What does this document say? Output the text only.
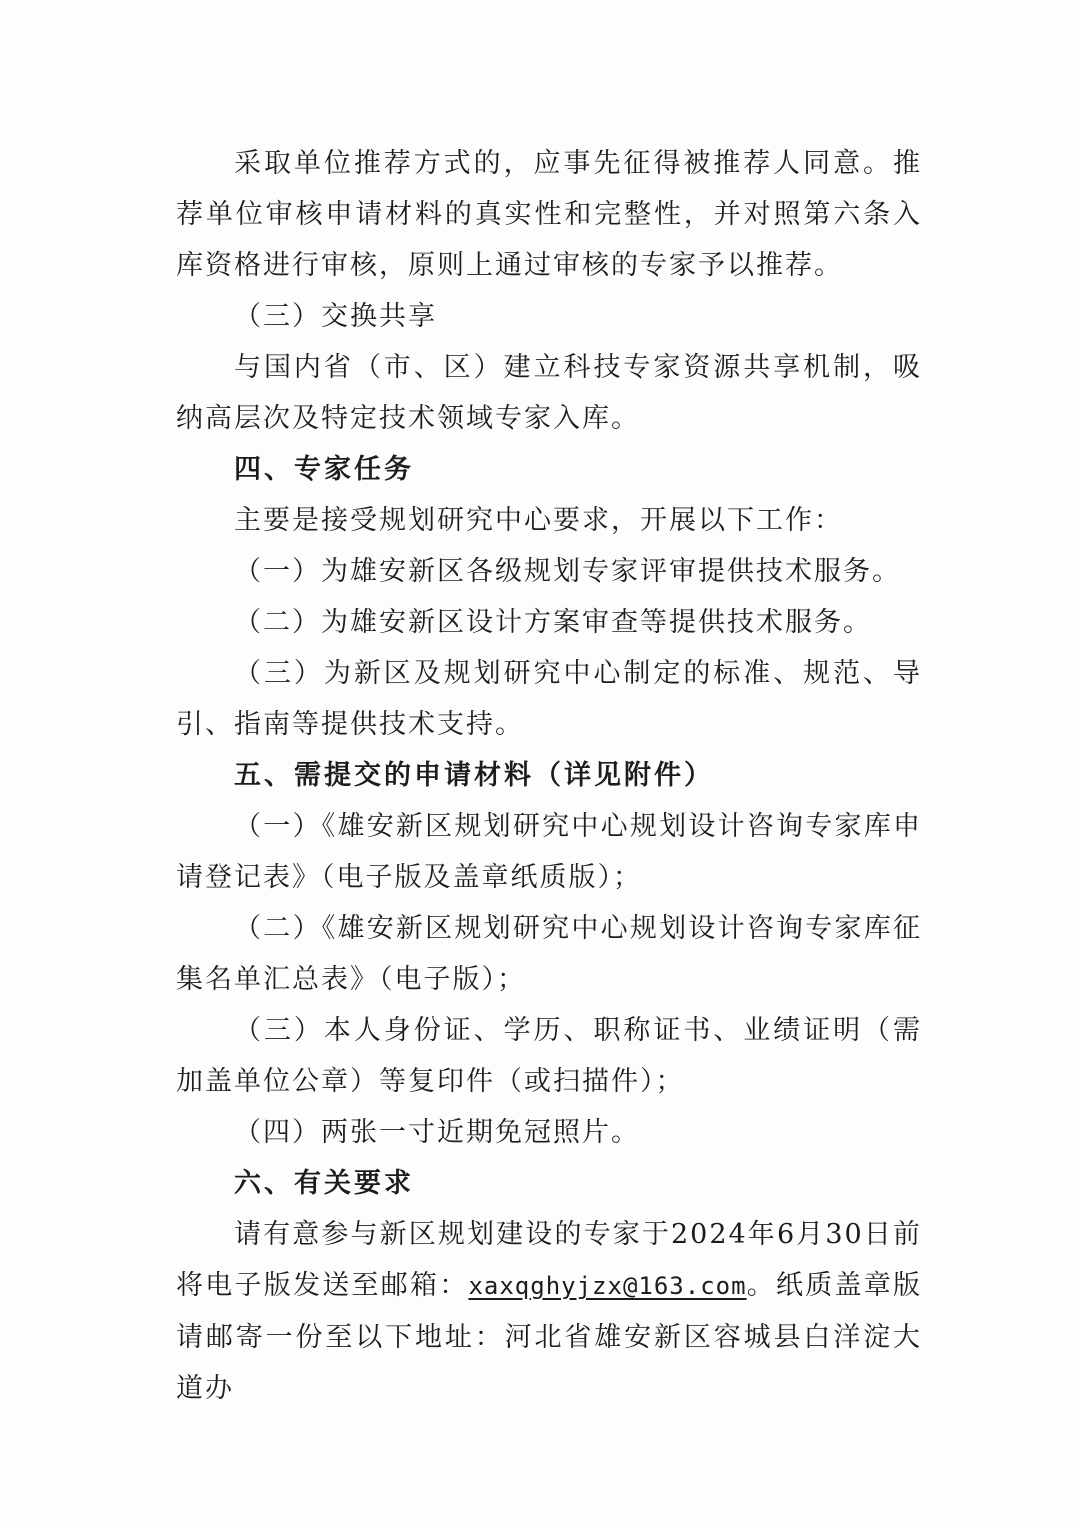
采取单位推荐方式的，应事先征得被推荐人同意。推荐单位审核申请材料的真实性和完整性，并对照第六条入库资格进行审核，原则上通过审核的专家予以推荐。

（三）交换共享

与国内省（市、区）建立科技专家资源共享机制，吸纳高层次及特定技术领域专家入库。

四、专家任务

主要是接受规划研究中心要求，开展以下工作：

（一）为雄安新区各级规划专家评审提供技术服务。

（二）为雄安新区设计方案审查等提供技术服务。

（三）为新区及规划研究中心制定的标准、规范、导引、指南等提供技术支持。

五、需提交的申请材料（详见附件）

（一）《雄安新区规划研究中心规划设计咨询专家库申请登记表》（电子版及盖章纸质版）；

（二）《雄安新区规划研究中心规划设计咨询专家库征集名单汇总表》（电子版）；

（三）本人身份证、学历、职称证书、业绩证明（需加盖单位公章）等复印件（或扫描件）；

（四）两张一寸近期免冠照片。

六、有关要求

请有意参与新区规划建设的专家于2024年6月30日前将电子版发送至邮箱：xaxqghyjzx@163.com。纸质盖章版请邮寄一份至以下地址：河北省雄安新区容城县白洋淀大道办
